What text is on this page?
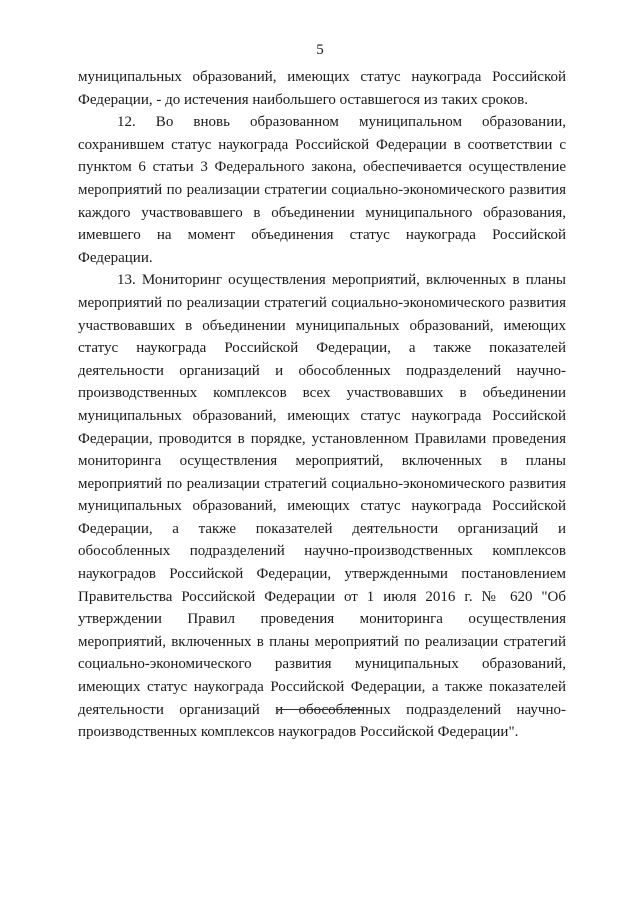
5

муниципальных образований, имеющих статус наукограда Российской Федерации, - до истечения наибольшего оставшегося из таких сроков.

12. Во вновь образованном муниципальном образовании, сохранившем статус наукограда Российской Федерации в соответствии с пунктом 6 статьи 3 Федерального закона, обеспечивается осуществление мероприятий по реализации стратегии социально-экономического развития каждого участвовавшего в объединении муниципального образования, имевшего на момент объединения статус наукограда Российской Федерации.

13. Мониторинг осуществления мероприятий, включенных в планы мероприятий по реализации стратегий социально-экономического развития участвовавших в объединении муниципальных образований, имеющих статус наукограда Российской Федерации, а также показателей деятельности организаций и обособленных подразделений научно-производственных комплексов всех участвовавших в объединении муниципальных образований, имеющих статус наукограда Российской Федерации, проводится в порядке, установленном Правилами проведения мониторинга осуществления мероприятий, включенных в планы мероприятий по реализации стратегий социально-экономического развития муниципальных образований, имеющих статус наукограда Российской Федерации, а также показателей деятельности организаций и обособленных подразделений научно-производственных комплексов наукоградов Российской Федерации, утвержденными постановлением Правительства Российской Федерации от 1 июля 2016 г. № 620 "Об утверждении Правил проведения мониторинга осуществления мероприятий, включенных в планы мероприятий по реализации стратегий социально-экономического развития муниципальных образований, имеющих статус наукограда Российской Федерации, а также показателей деятельности организаций и обособленных подразделений научно-производственных комплексов наукоградов Российской Федерации".
